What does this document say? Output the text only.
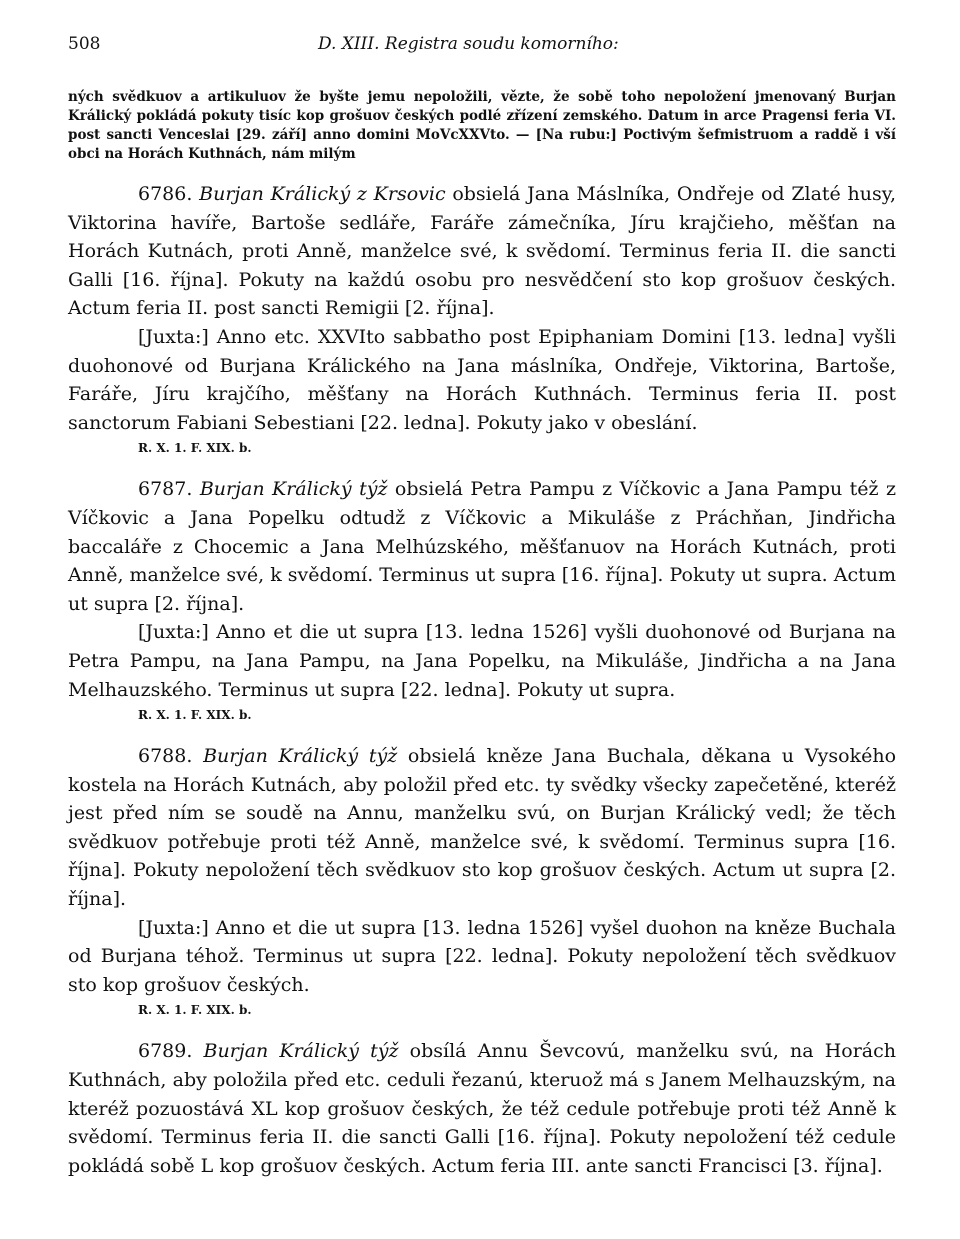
508	D. XIII. Registra soudu komorního:

ných svědkuov a artikuluov že byšte jemu nepoložili, vězte, že sobě toho nepoložení jmenovaný Burjan Králický pokládá pokuty tisíc kop grošuov českých podlé zřízení zemského. Datum in arce Pragensi feria VI. post sancti Venceslai [29. září] anno domini MoVcXXVto. — [Na rubu:] Poctivým šefmistruom a raddě i vší obci na Horách Kuthnách, nám milým

6786. Burjan Králický z Krsovic obsielá Jana Máslníka, Ondřeje od Zlaté husy, Viktorina havíře, Bartoše sedláře, Faráře zámečníka, Jíru krajčieho, měšťan na Horách Kutnách, proti Anně, manželce své, k svědomí. Terminus feria II. die sancti Galli [16. října]. Pokuty na každú osobu pro nesvědčení sto kop grošuov českých. Actum feria II. post sancti Remigii [2. října].

[Juxta:] Anno etc. XXVIto sabbatho post Epiphaniam Domini [13. ledna] vyšli duohonové od Burjana Králického na Jana máslníka, Ondřeje, Viktorina, Bartoše, Faráře, Jíru krajčího, měšťany na Horách Kuthnách. Terminus feria II. post sanctorum Fabiani Sebestiani [22. ledna]. Pokuty jako v obeslání.

R. X. 1. F. XIX. b.

6787. Burjan Králický týž obsielá Petra Pampu z Víčkovic a Jana Pampu též z Víčkovic a Jana Popelku odtudž z Víčkovic a Mikuláše z Práchňan, Jindřicha baccaláře z Chocemic a Jana Melhúzského, měšťanuov na Horách Kutnách, proti Anně, manželce své, k svědomí. Terminus ut supra [16. října]. Pokuty ut supra. Actum ut supra [2. října].

[Juxta:] Anno et die ut supra [13. ledna 1526] vyšli duohonové od Burjana na Petra Pampu, na Jana Pampu, na Jana Popelku, na Mikuláše, Jindřicha a na Jana Melhauzského. Terminus ut supra [22. ledna]. Pokuty ut supra.

R. X. 1. F. XIX. b.

6788. Burjan Králický týž obsielá kněze Jana Buchala, děkana u Vysokého kostela na Horách Kutnách, aby položil před etc. ty svědky všecky zapečetěné, kteréž jest před ním se soudě na Annu, manželku svú, on Burjan Králický vedl; že těch svědkuov potřebuje proti též Anně, manželce své, k svědomí. Terminus supra [16. října]. Pokuty nepoložení těch svědkuov sto kop grošuov českých. Actum ut supra [2. října].

[Juxta:] Anno et die ut supra [13. ledna 1526] vyšel duohon na kněze Buchala od Burjana téhož. Terminus ut supra [22. ledna]. Pokuty nepoložení těch svědkuov sto kop grošuov českých.

R. X. 1. F. XIX. b.

6789. Burjan Králický týž obsílá Annu Ševcovú, manželku svú, na Horách Kuthnách, aby položila před etc. ceduli řezanú, kteruož má s Janem Melhauzským, na kteréž pozuostává XL kop grošuov českých, že též cedule potřebuje proti též Anně k svědomí. Terminus feria II. die sancti Galli [16. října]. Pokuty nepoložení též cedule pokládá sobě L kop grošuov českých. Actum feria III. ante sancti Francisci [3. října].
